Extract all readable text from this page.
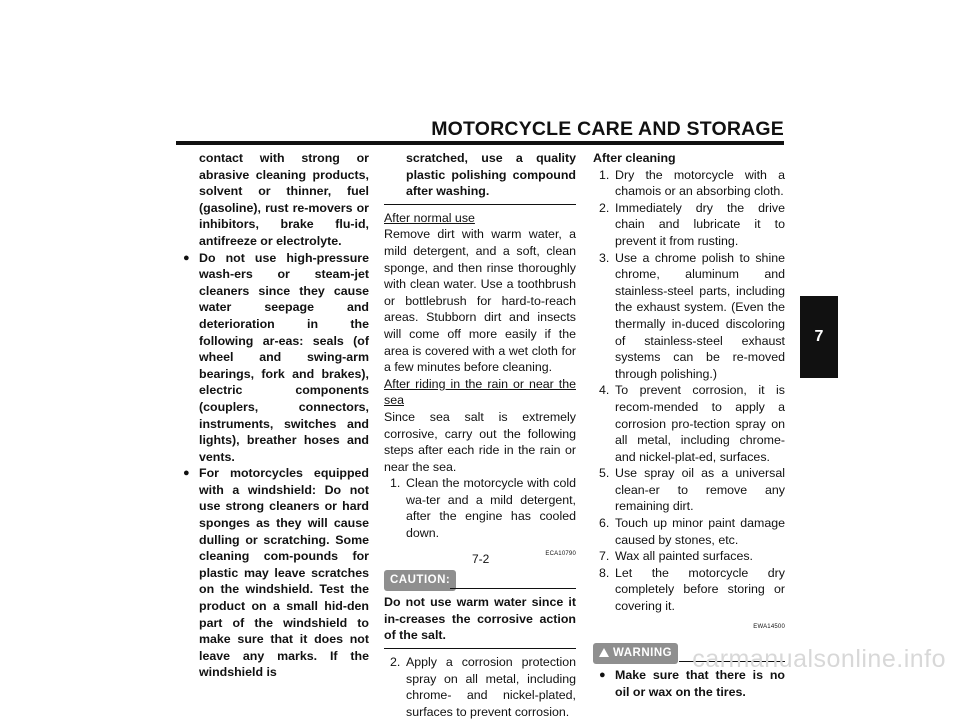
MOTORCYCLE CARE AND STORAGE

contact with strong or abrasive cleaning products, solvent or thinner, fuel (gasoline), rust re-movers or inhibitors, brake flu-id, antifreeze or electrolyte.

● Do not use high-pressure wash-ers or steam-jet cleaners since they cause water seepage and deterioration in the following ar-eas: seals (of wheel and swing-arm bearings, fork and brakes), electric components (couplers, connectors, instruments, switches and lights), breather hoses and vents.

● For motorcycles equipped with a windshield: Do not use strong cleaners or hard sponges as they will cause dulling or scratching. Some cleaning com-pounds for plastic may leave scratches on the windshield. Test the product on a small hid-den part of the windshield to make sure that it does not leave any marks. If the windshield is

scratched, use a quality plastic polishing compound after washing.

After normal use

Remove dirt with warm water, a mild detergent, and a soft, clean sponge, and then rinse thoroughly with clean water. Use a toothbrush or bottlebrush for hard-to-reach areas. Stubborn dirt and insects will come off more easily if the area is covered with a wet cloth for a few minutes before cleaning.

After riding in the rain or near the sea

Since sea salt is extremely corrosive, carry out the following steps after each ride in the rain or near the sea.

1. Clean the motorcycle with cold wa-ter and a mild detergent, after the engine has cooled down.

ECA10790
CAUTION:

Do not use warm water since it in-creases the corrosive action of the salt.

2. Apply a corrosion protection spray on all metal, including chrome- and nickel-plated, surfaces to prevent corrosion.

After cleaning

1. Dry the motorcycle with a chamois or an absorbing cloth.

2. Immediately dry the drive chain and lubricate it to prevent it from rusting.

3. Use a chrome polish to shine chrome, aluminum and stainless-steel parts, including the exhaust system. (Even the thermally in-duced discoloring of stainless-steel exhaust systems can be re-moved through polishing.)

4. To prevent corrosion, it is recom-mended to apply a corrosion pro-tection spray on all metal, including chrome- and nickel-plat-ed, surfaces.

5. Use spray oil as a universal clean-er to remove any remaining dirt.

6. Touch up minor paint damage caused by stones, etc.

7. Wax all painted surfaces.

8. Let the motorcycle dry completely before storing or covering it.

EWA14500
WARNING
● Make sure that there is no oil or wax on the tires.

7-2
7
carmanualsonline.info
